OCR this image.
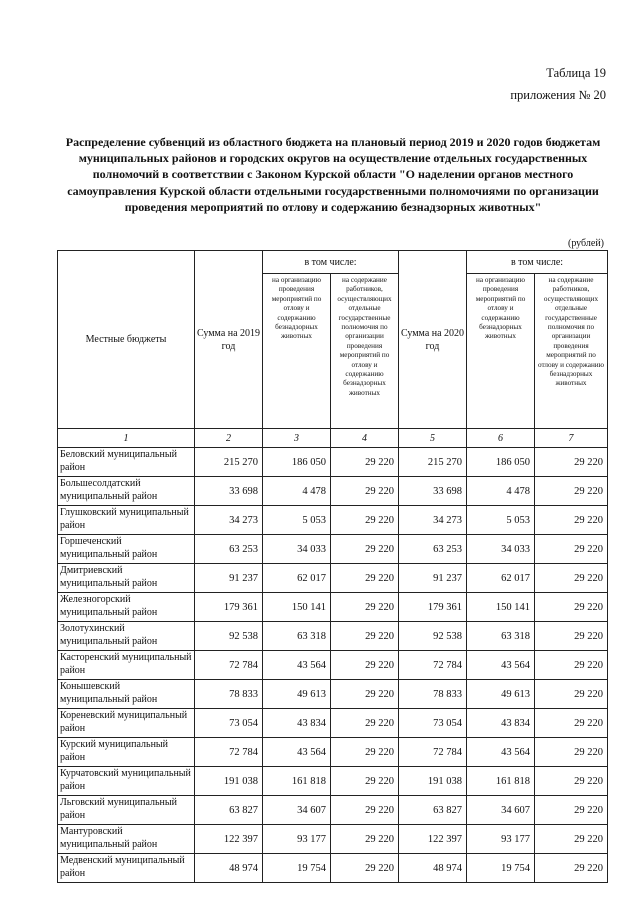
Таблица 19
приложения № 20
Распределение субвенций из областного бюджета на плановый период 2019 и 2020 годов бюджетам муниципальных районов и городских округов на осуществление отдельных государственных полномочий в соответствии с Законом Курской области "О наделении органов местного самоуправления Курской области отдельными государственными полномочиями по организации проведения мероприятий по отлову и содержанию безнадзорных животных"
(рублей)
Местные бюджеты	Сумма на 2019 год	в том числе:		Сумма на 2020 год	в том числе:	
		на организацию проведения мероприятий по отлову и содержанию безнадзорных животных	на содержание работников, осуществляющих отдельные государственные полномочия по организации проведения мероприятий по отлову и содержанию безнадзорных животных		на организацию проведения мероприятий по отлову и содержанию безнадзорных животных	на содержание работников, осуществляющих отдельные государственные полномочия по организации проведения мероприятий по отлову и содержанию безнадзорных животных
1	2	3	4	5	6	7
Беловский муниципальный район	215 270	186 050	29 220	215 270	186 050	29 220
Большесолдатский муниципальный район	33 698	4 478	29 220	33 698	4 478	29 220
Глушковский муниципальный район	34 273	5 053	29 220	34 273	5 053	29 220
Горшеченский муниципальный район	63 253	34 033	29 220	63 253	34 033	29 220
Дмитриевский муниципальный район	91 237	62 017	29 220	91 237	62 017	29 220
Железногорский муниципальный район	179 361	150 141	29 220	179 361	150 141	29 220
Золотухинский муниципальный район	92 538	63 318	29 220	92 538	63 318	29 220
Касторенский муниципальный район	72 784	43 564	29 220	72 784	43 564	29 220
Конышевский муниципальный район	78 833	49 613	29 220	78 833	49 613	29 220
Кореневский муниципальный район	73 054	43 834	29 220	73 054	43 834	29 220
Курский муниципальный район	72 784	43 564	29 220	72 784	43 564	29 220
Курчатовский муниципальный район	191 038	161 818	29 220	191 038	161 818	29 220
Льговский муниципальный район	63 827	34 607	29 220	63 827	34 607	29 220
Мантуровский муниципальный район	122 397	93 177	29 220	122 397	93 177	29 220
Медвенский муниципальный район	48 974	19 754	29 220	48 974	19 754	29 220
